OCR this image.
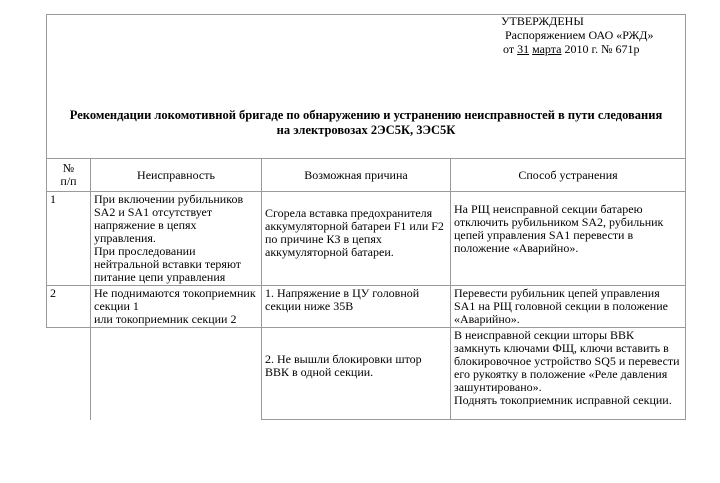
УТВЕРЖДЕНЫ
Распоряжением ОАО «РЖД»
от 31 марта 2010 г. № 671р
Рекомендации локомотивной бригаде по обнаружению и устранению неисправностей в пути следования
на электровозах 2ЭС5К, 3ЭС5К
№
п/п	Неисправность	Возможная причина	Способ устранения
1	При включении рубильников SA2 и SA1 отсутствует напряжение в цепях управления.
При проследовании нейтральной вставки теряют питание цепи управления	Сгорела вставка предохранителя аккумуляторной батареи F1 или F2 по причине КЗ в цепях аккумуляторной батареи.	На РЩ неисправной секции батарею отключить рубильником SA2, рубильник цепей управления SA1 перевести в положение «Аварийно».
2	Не поднимаются токоприемник секции 1
или токоприемник секции 2	1. Напряжение в ЦУ головной секции ниже 35В	Перевести рубильник цепей управления SA1 на РЩ головной секции в положение «Аварийно».
		2. Не вышли блокировки штор ВВК в одной секции.	В неисправной секции шторы ВВК замкнуть ключами ФЩ, ключи вставить в блокировочное устройство SQ5 и перевести его рукоятку в положение «Реле давления зашунтировано».
Поднять токоприемник исправной секции.
